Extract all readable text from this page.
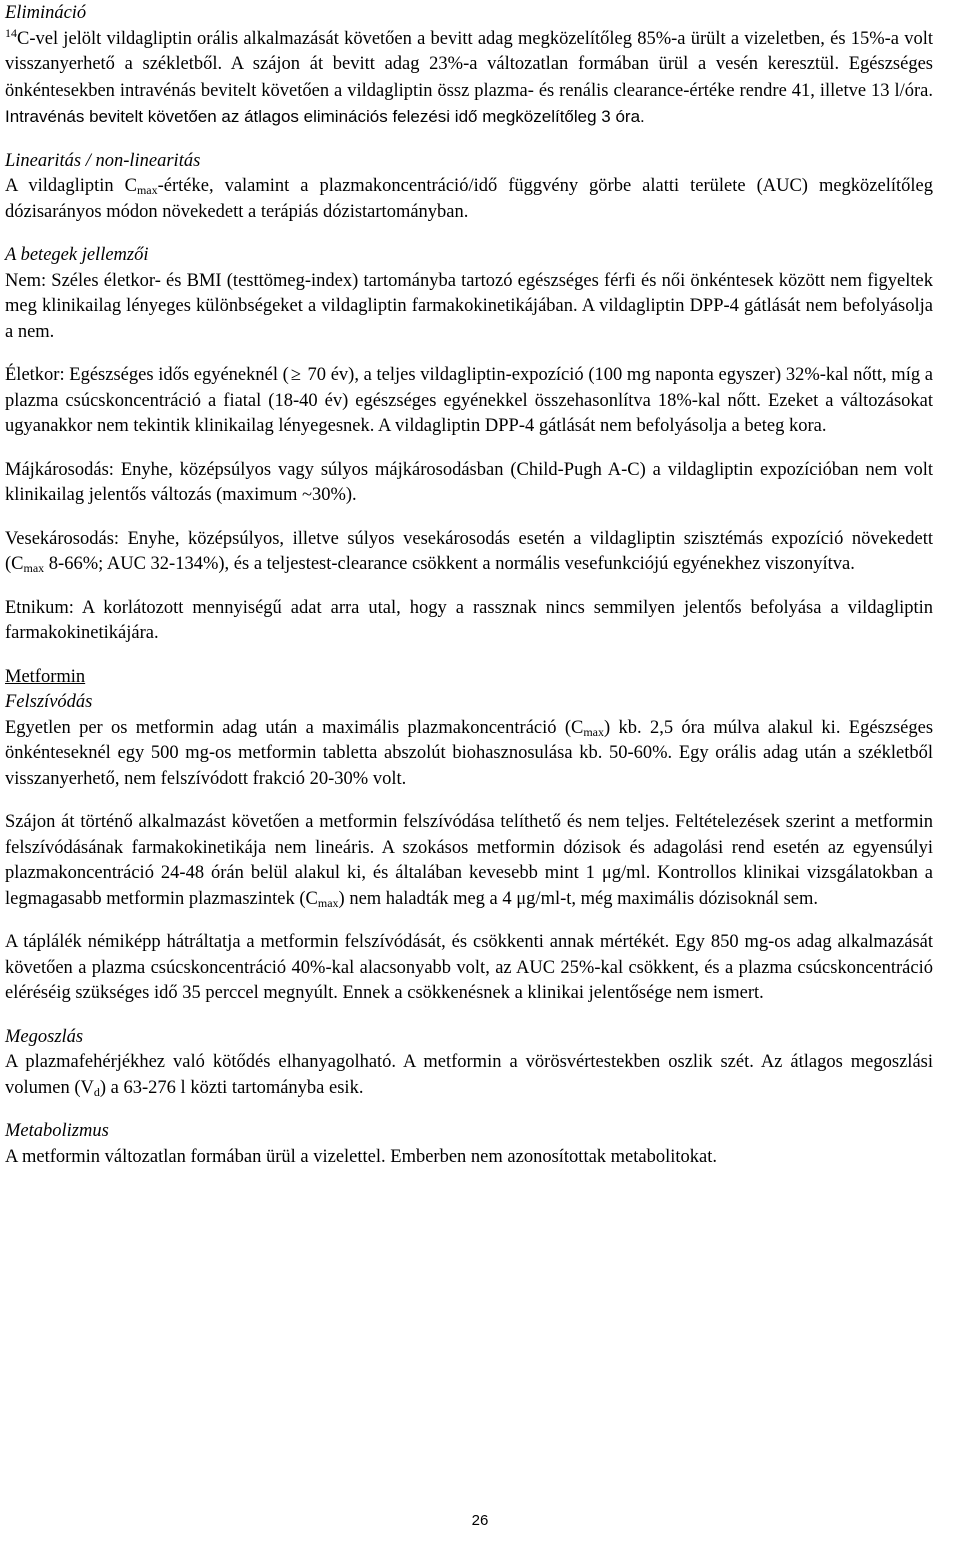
Elimináció

$^{14}$C-vel jelölt vildagliptin orális alkalmazását követően a bevitt adag megközelítőleg 85%-a ürült a vizeletben, és 15%-a volt visszanyerhető a székletből. A szájon át bevitt adag 23%-a változatlan formában ürül a vesén keresztül. Egészséges önkéntesekben intravénás bevitelt követően a vildagliptin össz plazma- és renális clearance-értéke rendre 41, illetve 13 l/óra. Intravénás bevitelt követően az átlagos eliminációs felezési idő megközelítőleg 3 óra.

Linearitás / non-linearitás

A vildagliptin $C_{max}$-értéke, valamint a plazmakoncentráció/idő függvény görbe alatti területe (AUC) megközelítőleg dózisarányos módon növekedett a terápiás dózistartományban.

A betegek jellemzői

Nem: Széles életkor- és BMI (testtömeg-index) tartományba tartozó egészséges férfi és női önkéntesek között nem figyeltek meg klinikailag lényeges különbségeket a vildagliptin farmakokinetikájában. A vildagliptin DPP-4 gátlását nem befolyásolja a nem.

Életkor: Egészséges idős egyéneknél ( ≥ 70 év), a teljes vildagliptin-expozíció (100 mg naponta egyszer) 32%-kal nőtt, míg a plazma csúcskoncentráció a fiatal (18-40 év) egészséges egyénekkel összehasonlítva 18%-kal nőtt. Ezeket a változásokat ugyanakkor nem tekintik klinikailag lényegesnek. A vildagliptin DPP-4 gátlását nem befolyásolja a beteg kora.

Májkárosodás: Enyhe, középsúlyos vagy súlyos májkárosodásban (Child-Pugh A-C) a vildagliptin expozícióban nem volt klinikailag jelentős változás (maximum ~30%).

Vesekárosodás: Enyhe, középsúlyos, illetve súlyos vesekárosodás esetén a vildagliptin szisztémás expozíció növekedett ($C_{max}$ 8-66%; AUC 32-134%), és a teljestest-clearance csökkent a normális vesefunkciójú egyénekhez viszonyítva.

Etnikum: A korlátozott mennyiségű adat arra utal, hogy a rassznak nincs semmilyen jelentős befolyása a vildagliptin farmakokinetikájára.

Metformin

Felszívódás

Egyetlen per os metformin adag után a maximális plazmakoncentráció $(C_{max})$ kb. 2,5 óra múlva alakul ki. Egészséges önkénteseknél egy 500 mg-os metformin tabletta abszolút biohasznosulása kb. 50-60%. Egy orális adag után a székletből visszanyerhető, nem felszívódott frakció 20-30% volt.

Szájon át történő alkalmazást követően a metformin felszívódása telíthető és nem teljes. Feltételezések szerint a metformin felszívódásának farmakokinetikája nem lineáris. A szokásos metformin dózisok és adagolási rend esetén az egyensúlyi plazmakoncentráció 24-48 órán belül alakul ki, és általában kevesebb mint 1 μg/ml. Kontrollos klinikai vizsgálatokban a legmagasabb metformin plazmaszintek $(C_{max})$ nem haladták meg a 4 μg/ml-t, még maximális dózisoknál sem.

A táplálék némiképp hátráltatja a metformin felszívódását, és csökkenti annak mértékét. Egy 850 mg-os adag alkalmazását követően a plazma csúcskoncentráció 40%-kal alacsonyabb volt, az AUC 25%-kal csökkent, és a plazma csúcskoncentráció eléréséig szükséges idő 35 perccel megnyúlt. Ennek a csökkenésnek a klinikai jelentősége nem ismert.

Megoszlás

A plazmafehérjékhez való kötődés elhanyagolható. A metformin a vörösvértestekben oszlik szét. Az átlagos megoszlási volumen $(V_d)$ a 63-276 l közti tartományba esik.

Metabolizmus

A metformin változatlan formában ürül a vizelettel. Emberben nem azonosítottak metabolitokat.

26
